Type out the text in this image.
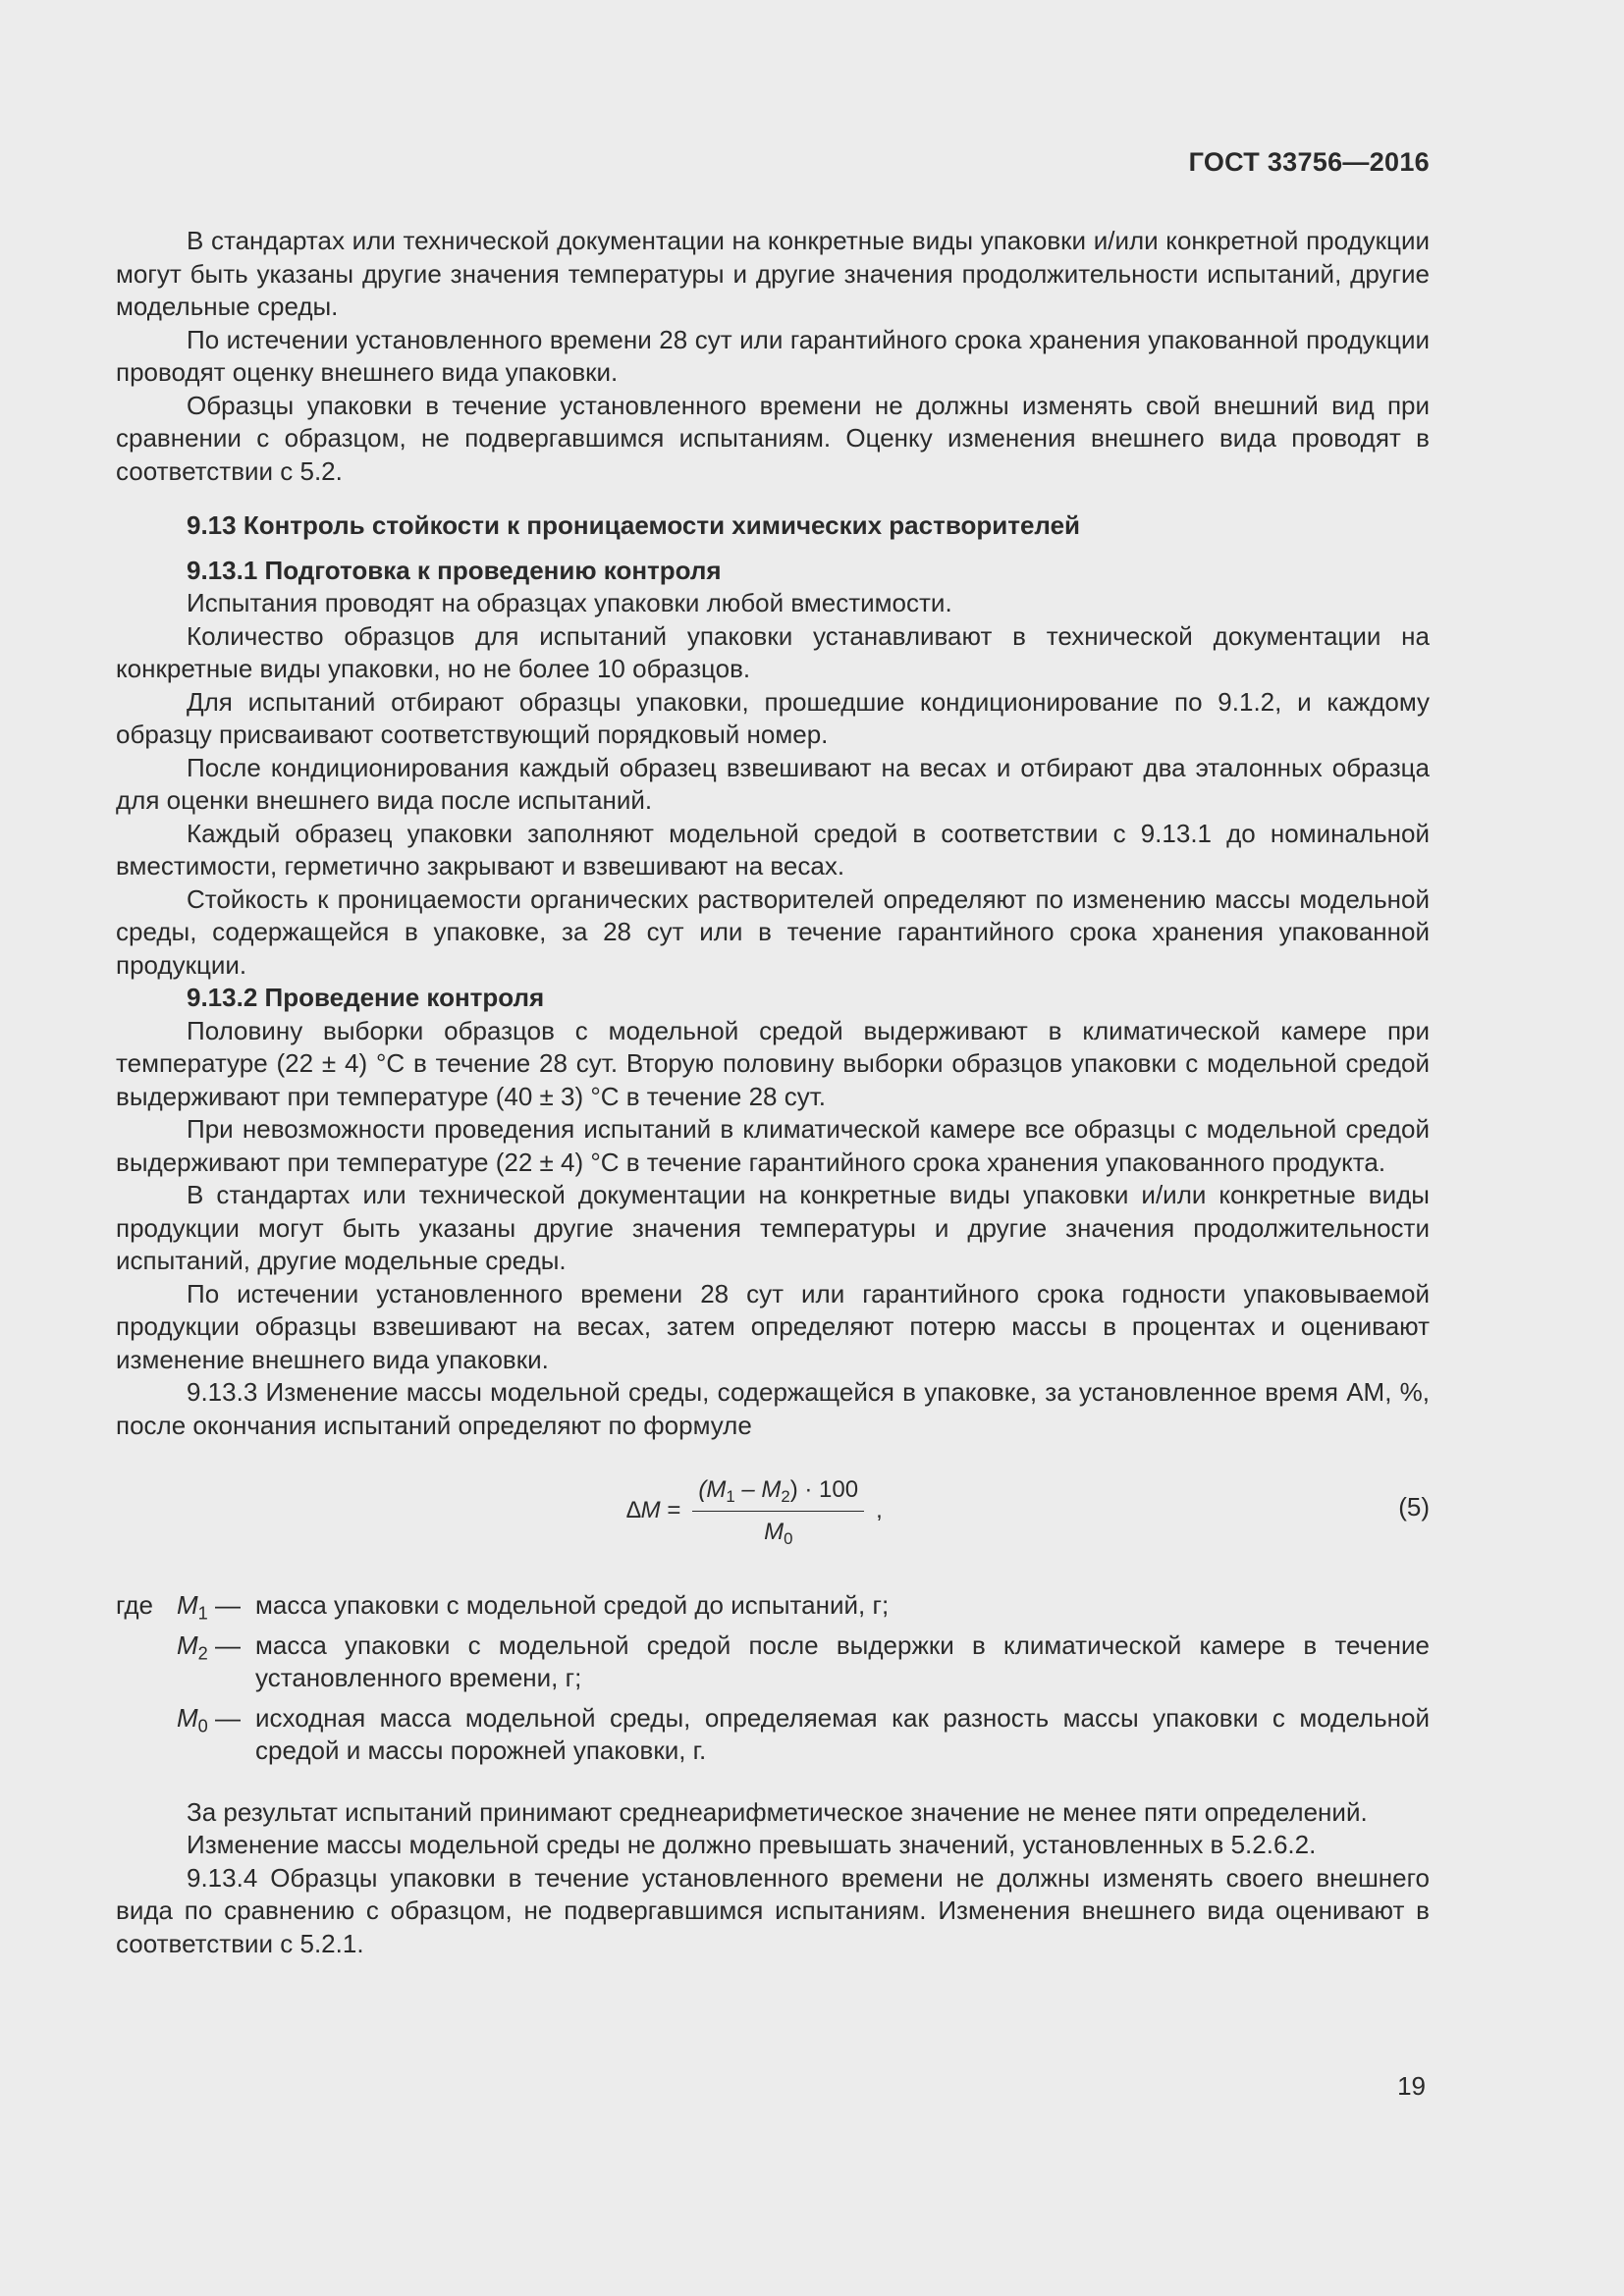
ГОСТ 33756—2016

В стандартах или технической документации на конкретные виды упаковки и/или конкретной продукции могут быть указаны другие значения температуры и другие значения продолжительности испытаний, другие модельные среды.

По истечении установленного времени 28 сут или гарантийного срока хранения упакованной продукции проводят оценку внешнего вида упаковки.

Образцы упаковки в течение установленного времени не должны изменять свой внешний вид при сравнении с образцом, не подвергавшимся испытаниям. Оценку изменения внешнего вида проводят в соответствии с 5.2.

9.13 Контроль стойкости к проницаемости химических растворителей

9.13.1 Подготовка к проведению контроля

Испытания проводят на образцах упаковки любой вместимости.

Количество образцов для испытаний упаковки устанавливают в технической документации на конкретные виды упаковки, но не более 10 образцов.

Для испытаний отбирают образцы упаковки, прошедшие кондиционирование по 9.1.2, и каждому образцу присваивают соответствующий порядковый номер.

После кондиционирования каждый образец взвешивают на весах и отбирают два эталонных образца для оценки внешнего вида после испытаний.

Каждый образец упаковки заполняют модельной средой в соответствии с 9.13.1 до номинальной вместимости, герметично закрывают и взвешивают на весах.

Стойкость к проницаемости органических растворителей определяют по изменению массы модельной среды, содержащейся в упаковке, за 28 сут или в течение гарантийного срока хранения упакованной продукции.

9.13.2 Проведение контроля

Половину выборки образцов с модельной средой выдерживают в климатической камере при температуре (22 ± 4) °С в течение 28 сут. Вторую половину выборки образцов упаковки с модельной средой выдерживают при температуре (40 ± 3) °С в течение 28 сут.

При невозможности проведения испытаний в климатической камере все образцы с модельной средой выдерживают при температуре (22 ± 4) °С в течение гарантийного срока хранения упакованного продукта.

В стандартах или технической документации на конкретные виды упаковки и/или конкретные виды продукции могут быть указаны другие значения температуры и другие значения продолжительности испытаний, другие модельные среды.

По истечении установленного времени 28 сут или гарантийного срока годности упаковываемой продукции образцы взвешивают на весах, затем определяют потерю массы в процентах и оценивают изменение внешнего вида упаковки.

9.13.3 Изменение массы модельной среды, содержащейся в упаковке, за установленное время АМ, %, после окончания испытаний определяют по формуле

$\Delta M = \frac{(M_1 - M_2) \cdot 100}{M_0}$ ,	(5)
где $M_1$ — масса упаковки с модельной средой до испытаний, г;
$M_2$ — масса упаковки с модельной средой после выдержки в климатической камере в течение установленного времени, г;
$M_0$ — исходная масса модельной среды, определяемая как разность массы упаковки с модельной средой и массы порожней упаковки, г.

За результат испытаний принимают среднеарифметическое значение не менее пяти определений.

Изменение массы модельной среды не должно превышать значений, установленных в 5.2.6.2.

9.13.4 Образцы упаковки в течение установленного времени не должны изменять своего внешнего вида по сравнению с образцом, не подвергавшимся испытаниям. Изменения внешнего вида оценивают в соответствии с 5.2.1.

19
